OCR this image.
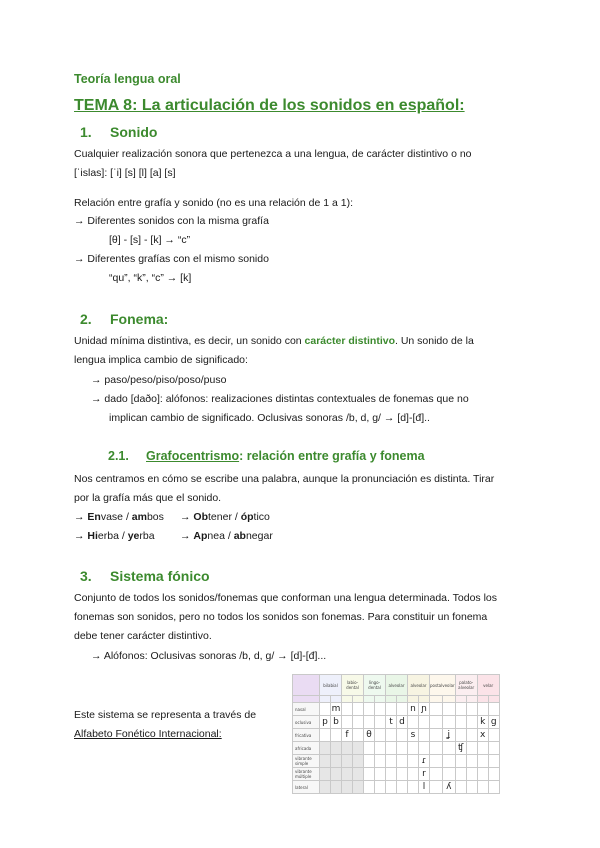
Teoría lengua oral
TEMA 8: La articulación de los sonidos en español:
1. Sonido
Cualquier realización sonora que pertenezca a una lengua, de carácter distintivo o no
[ˈislas]: [ˈi] [s] [l] [a] [s]
Relación entre grafía y sonido (no es una relación de 1 a 1):
→ Diferentes sonidos con la misma grafía
[θ] - [s] - [k] → “c”
→ Diferentes grafías con el mismo sonido
“qu”, “k”, “c” → [k]
2. Fonema:
Unidad mínima distintiva, es decir, un sonido con carácter distintivo. Un sonido de la
lengua implica cambio de significado:
→ paso/peso/piso/poso/puso
→ dado [daðo]: alófonos: realizaciones distintas contextuales de fonemas que no
implican cambio de significado. Oclusivas sonoras /b, d, g/ → [d]-[đ]..
2.1. Grafocentrismo: relación entre grafía y fonema
Nos centramos en cómo se escribe una palabra, aunque la pronunciación es distinta. Tirar
por la grafía más que el sonido.
→ Envase / ambos → Obtener / óptico
→ Hierba / yerba → Apnea / abnegar
3. Sistema fónico
Conjunto de todos los sonidos/fonemas que conforman una lengua determinada. Todos los
fonemas son sonidos, pero no todos los sonidos son fonemas. Para constituir un fonema
debe tener carácter distintivo.
→ Alófonos: Oclusivas sonoras /b, d, g/ → [d]-[đ]...
Este sistema se representa a través de
Alfabeto Fonético Internacional:
	bilabial		labio-dental		lingo-dental		alveolar		alveolar		postalveolar		palato-alveolar		velar	

nasal		m							n	ɲ						
oclusiva	p	b					t	d							k	g
fricativa			f		θ				s			ʝ			x	
africada													ʧ			
vibrante simple										ɾ						
vibrante múltiple										r						
lateral										l		ʎ				
